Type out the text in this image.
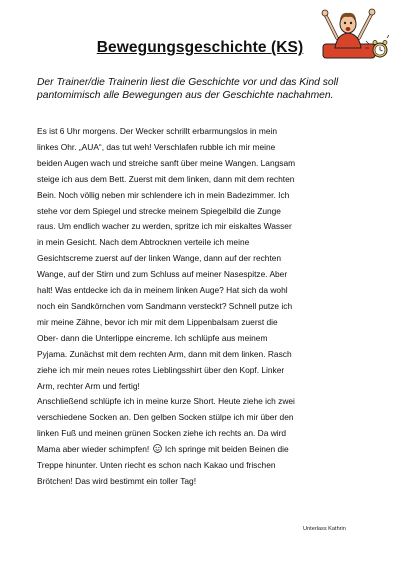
Bewegungsgeschichte (KS)

Der Trainer/die Trainerin liest die Geschichte vor und das Kind soll pantomimisch alle Bewegungen aus der Geschichte nachahmen.

Es ist 6 Uhr morgens. Der Wecker schrillt erbarmungslos in mein
linkes Ohr. „AUA“, das tut weh! Verschlafen rubble ich mir meine
beiden Augen wach und streiche sanft über meine Wangen. Langsam
steige ich aus dem Bett. Zuerst mit dem linken, dann mit dem rechten
Bein. Noch völlig neben mir schlendere ich in mein Badezimmer. Ich
stehe vor dem Spiegel und strecke meinem Spiegelbild die Zunge
raus. Um endlich wacher zu werden, spritze ich mir eiskaltes Wasser
in mein Gesicht. Nach dem Abtrocknen verteile ich meine
Gesichtscreme zuerst auf der linken Wange, dann auf der rechten
Wange, auf der Stirn und zum Schluss auf meiner Nasespitze. Aber
halt! Was entdecke ich da in meinem linken Auge? Hat sich da wohl
noch ein Sandkörnchen vom Sandmann versteckt? Schnell putze ich
mir meine Zähne, bevor ich mir mit dem Lippenbalsam zuerst die
Ober- dann die Unterlippe eincreme. Ich schlüpfe aus meinem
Pyjama. Zunächst mit dem rechten Arm, dann mit dem linken. Rasch
ziehe ich mir mein neues rotes Lieblingsshirt über den Kopf. Linker
Arm, rechter Arm und fertig!
Anschließend schlüpfe ich in meine kurze Short. Heute ziehe ich zwei
verschiedene Socken an. Den gelben Socken stülpe ich mir über den
linken Fuß und meinen grünen Socken ziehe ich rechts an. Da wird
Mama aber wieder schimpfen! Ich springe mit beiden Beinen die
Treppe hinunter. Unten riecht es schon nach Kakao und frischen
Brötchen! Das wird bestimmt ein toller Tag!

Unterlass Kathrin
